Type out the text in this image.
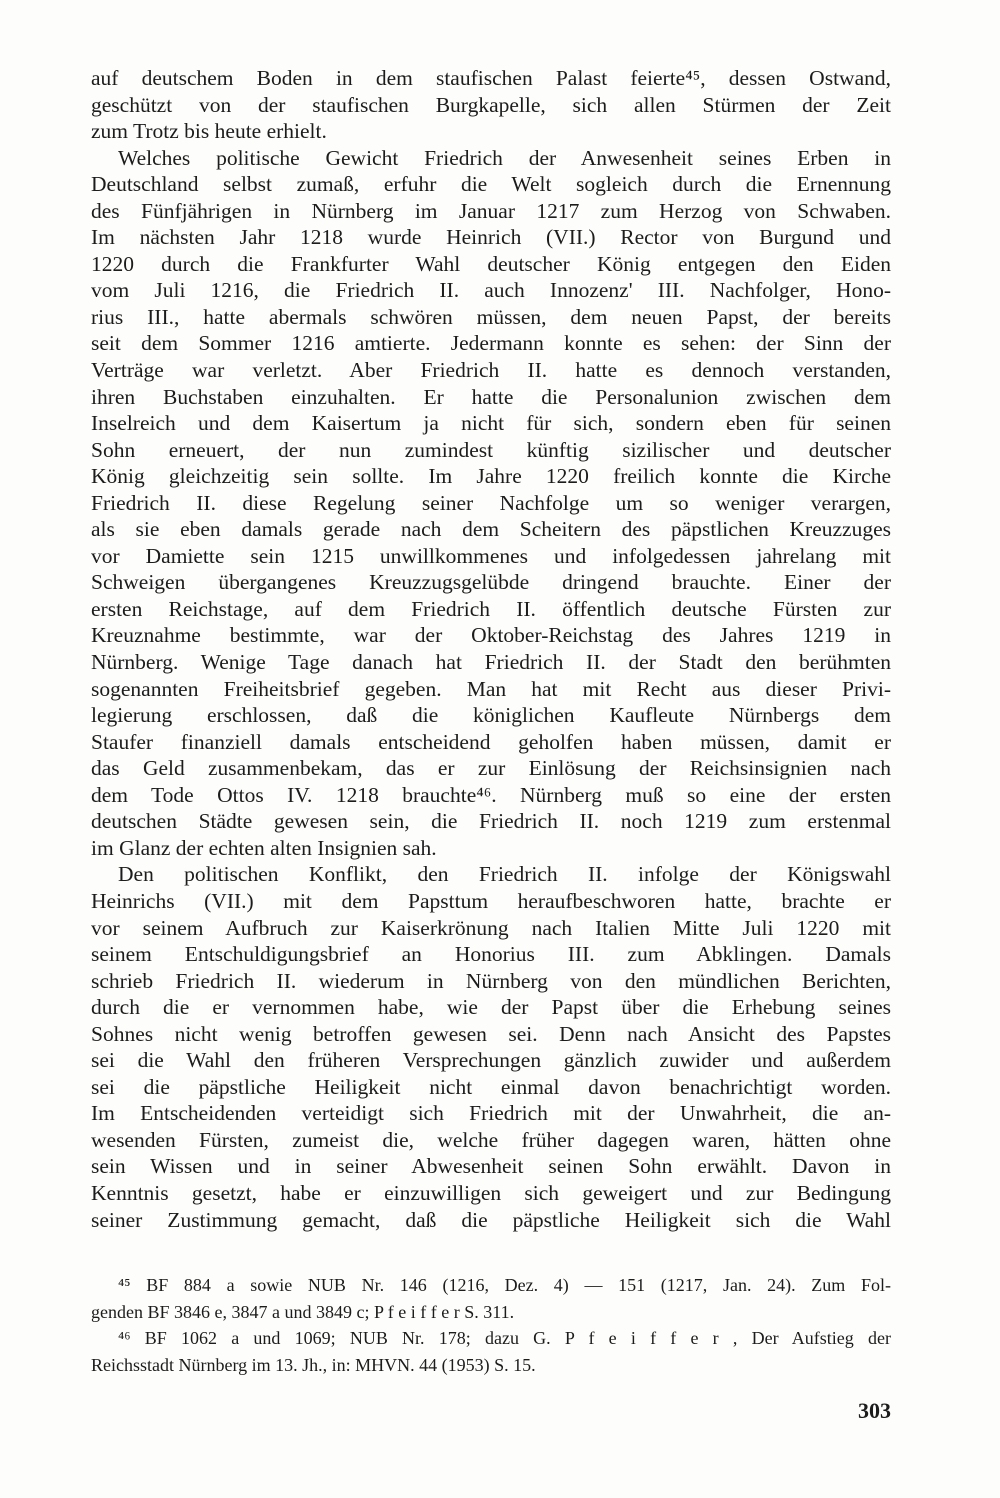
auf deutschem Boden in dem staufischen Palast feierte⁴⁵, dessen Ostwand,
geschützt von der staufischen Burgkapelle, sich allen Stürmen der Zeit
zum Trotz bis heute erhielt.
Welches politische Gewicht Friedrich der Anwesenheit seines Erben in
Deutschland selbst zumaß, erfuhr die Welt sogleich durch die Ernennung
des Fünfjährigen in Nürnberg im Januar 1217 zum Herzog von Schwaben.
Im nächsten Jahr 1218 wurde Heinrich (VII.) Rector von Burgund und
1220 durch die Frankfurter Wahl deutscher König entgegen den Eiden
vom Juli 1216, die Friedrich II. auch Innozenz' III. Nachfolger, Hono-
rius III., hatte abermals schwören müssen, dem neuen Papst, der bereits
seit dem Sommer 1216 amtierte. Jedermann konnte es sehen: der Sinn der
Verträge war verletzt. Aber Friedrich II. hatte es dennoch verstanden,
ihren Buchstaben einzuhalten. Er hatte die Personalunion zwischen dem
Inselreich und dem Kaisertum ja nicht für sich, sondern eben für seinen
Sohn erneuert, der nun zumindest künftig sizilischer und deutscher
König gleichzeitig sein sollte. Im Jahre 1220 freilich konnte die Kirche
Friedrich II. diese Regelung seiner Nachfolge um so weniger verargen,
als sie eben damals gerade nach dem Scheitern des päpstlichen Kreuzzuges
vor Damiette sein 1215 unwillkommenes und infolgedessen jahrelang mit
Schweigen übergangenes Kreuzzugsgelübde dringend brauchte. Einer der
ersten Reichstage, auf dem Friedrich II. öffentlich deutsche Fürsten zur
Kreuznahme bestimmte, war der Oktober-Reichstag des Jahres 1219 in
Nürnberg. Wenige Tage danach hat Friedrich II. der Stadt den berühmten
sogenannten Freiheitsbrief gegeben. Man hat mit Recht aus dieser Privi-
legierung erschlossen, daß die königlichen Kaufleute Nürnbergs dem
Staufer finanziell damals entscheidend geholfen haben müssen, damit er
das Geld zusammenbekam, das er zur Einlösung der Reichsinsignien nach
dem Tode Ottos IV. 1218 brauchte⁴⁶. Nürnberg muß so eine der ersten
deutschen Städte gewesen sein, die Friedrich II. noch 1219 zum erstenmal
im Glanz der echten alten Insignien sah.
Den politischen Konflikt, den Friedrich II. infolge der Königswahl
Heinrichs (VII.) mit dem Papsttum heraufbeschworen hatte, brachte er
vor seinem Aufbruch zur Kaiserkrönung nach Italien Mitte Juli 1220 mit
seinem Entschuldigungsbrief an Honorius III. zum Abklingen. Damals
schrieb Friedrich II. wiederum in Nürnberg von den mündlichen Berichten,
durch die er vernommen habe, wie der Papst über die Erhebung seines
Sohnes nicht wenig betroffen gewesen sei. Denn nach Ansicht des Papstes
sei die Wahl den früheren Versprechungen gänzlich zuwider und außerdem
sei die päpstliche Heiligkeit nicht einmal davon benachrichtigt worden.
Im Entscheidenden verteidigt sich Friedrich mit der Unwahrheit, die an-
wesenden Fürsten, zumeist die, welche früher dagegen waren, hätten ohne
sein Wissen und in seiner Abwesenheit seinen Sohn erwählt. Davon in
Kenntnis gesetzt, habe er einzuwilligen sich geweigert und zur Bedingung
seiner Zustimmung gemacht, daß die päpstliche Heiligkeit sich die Wahl
⁴⁵ BF 884 a sowie NUB Nr. 146 (1216, Dez. 4) — 151 (1217, Jan. 24). Zum Fol-
genden BF 3846 e, 3847 a und 3849 c; P f e i f f e r S. 311.
⁴⁶ BF 1062 a und 1069; NUB Nr. 178; dazu G. P f e i f f e r , Der Aufstieg der
Reichsstadt Nürnberg im 13. Jh., in: MHVN. 44 (1953) S. 15.
303
